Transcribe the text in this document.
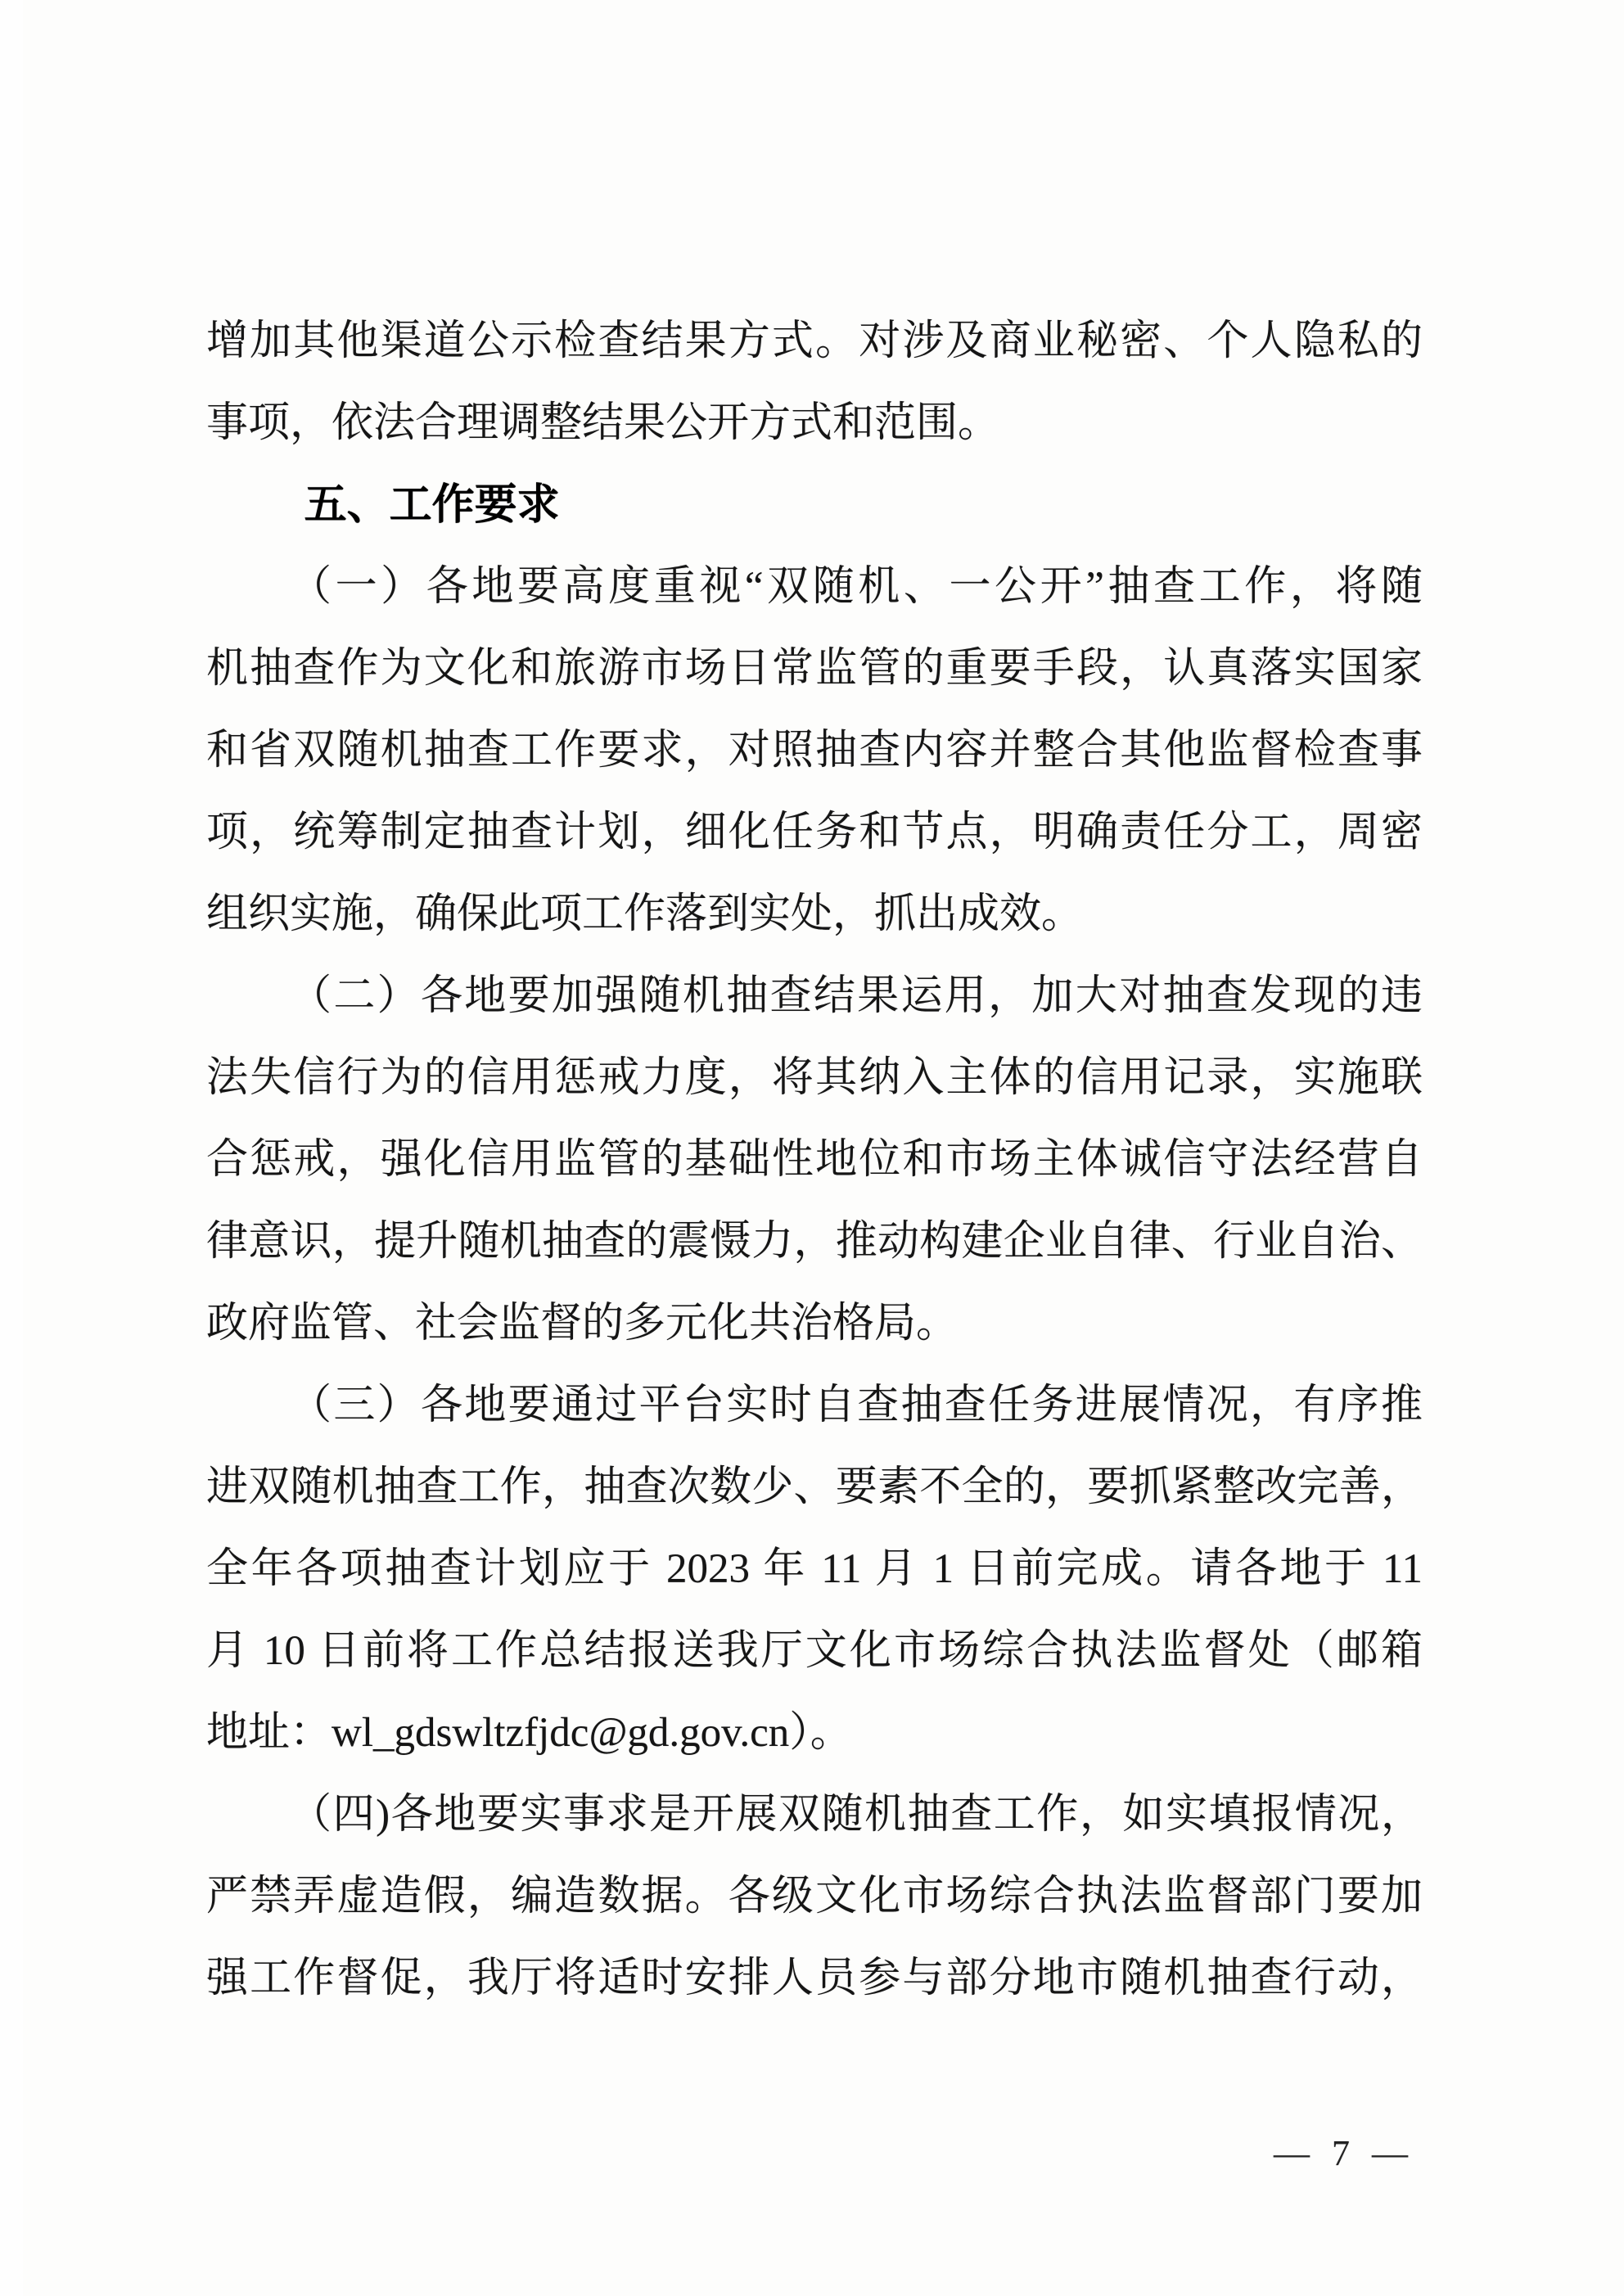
增加其他渠道公示检查结果方式。对涉及商业秘密、个人隐私的
事项，依法合理调整结果公开方式和范围。
五、工作要求
（一）各地要高度重视“双随机、一公开”抽查工作，将随
机抽查作为文化和旅游市场日常监管的重要手段，认真落实国家
和省双随机抽查工作要求，对照抽查内容并整合其他监督检查事
项，统筹制定抽查计划，细化任务和节点，明确责任分工，周密
组织实施，确保此项工作落到实处，抓出成效。
（二）各地要加强随机抽查结果运用，加大对抽查发现的违
法失信行为的信用惩戒力度，将其纳入主体的信用记录，实施联
合惩戒，强化信用监管的基础性地位和市场主体诚信守法经营自
律意识，提升随机抽查的震慑力，推动构建企业自律、行业自治、
政府监管、社会监督的多元化共治格局。
（三）各地要通过平台实时自查抽查任务进展情况，有序推
进双随机抽查工作，抽查次数少、要素不全的，要抓紧整改完善，
全年各项抽查计划应于 2023 年 11 月 1 日前完成。请各地于 11
月 10 日前将工作总结报送我厅文化市场综合执法监督处（邮箱
地址：wl_gdswltzfjdc@gd.gov.cn）。
（四)各地要实事求是开展双随机抽查工作，如实填报情况，
严禁弄虚造假，编造数据。各级文化市场综合执法监督部门要加
强工作督促，我厅将适时安排人员参与部分地市随机抽查行动，
— 7 —
